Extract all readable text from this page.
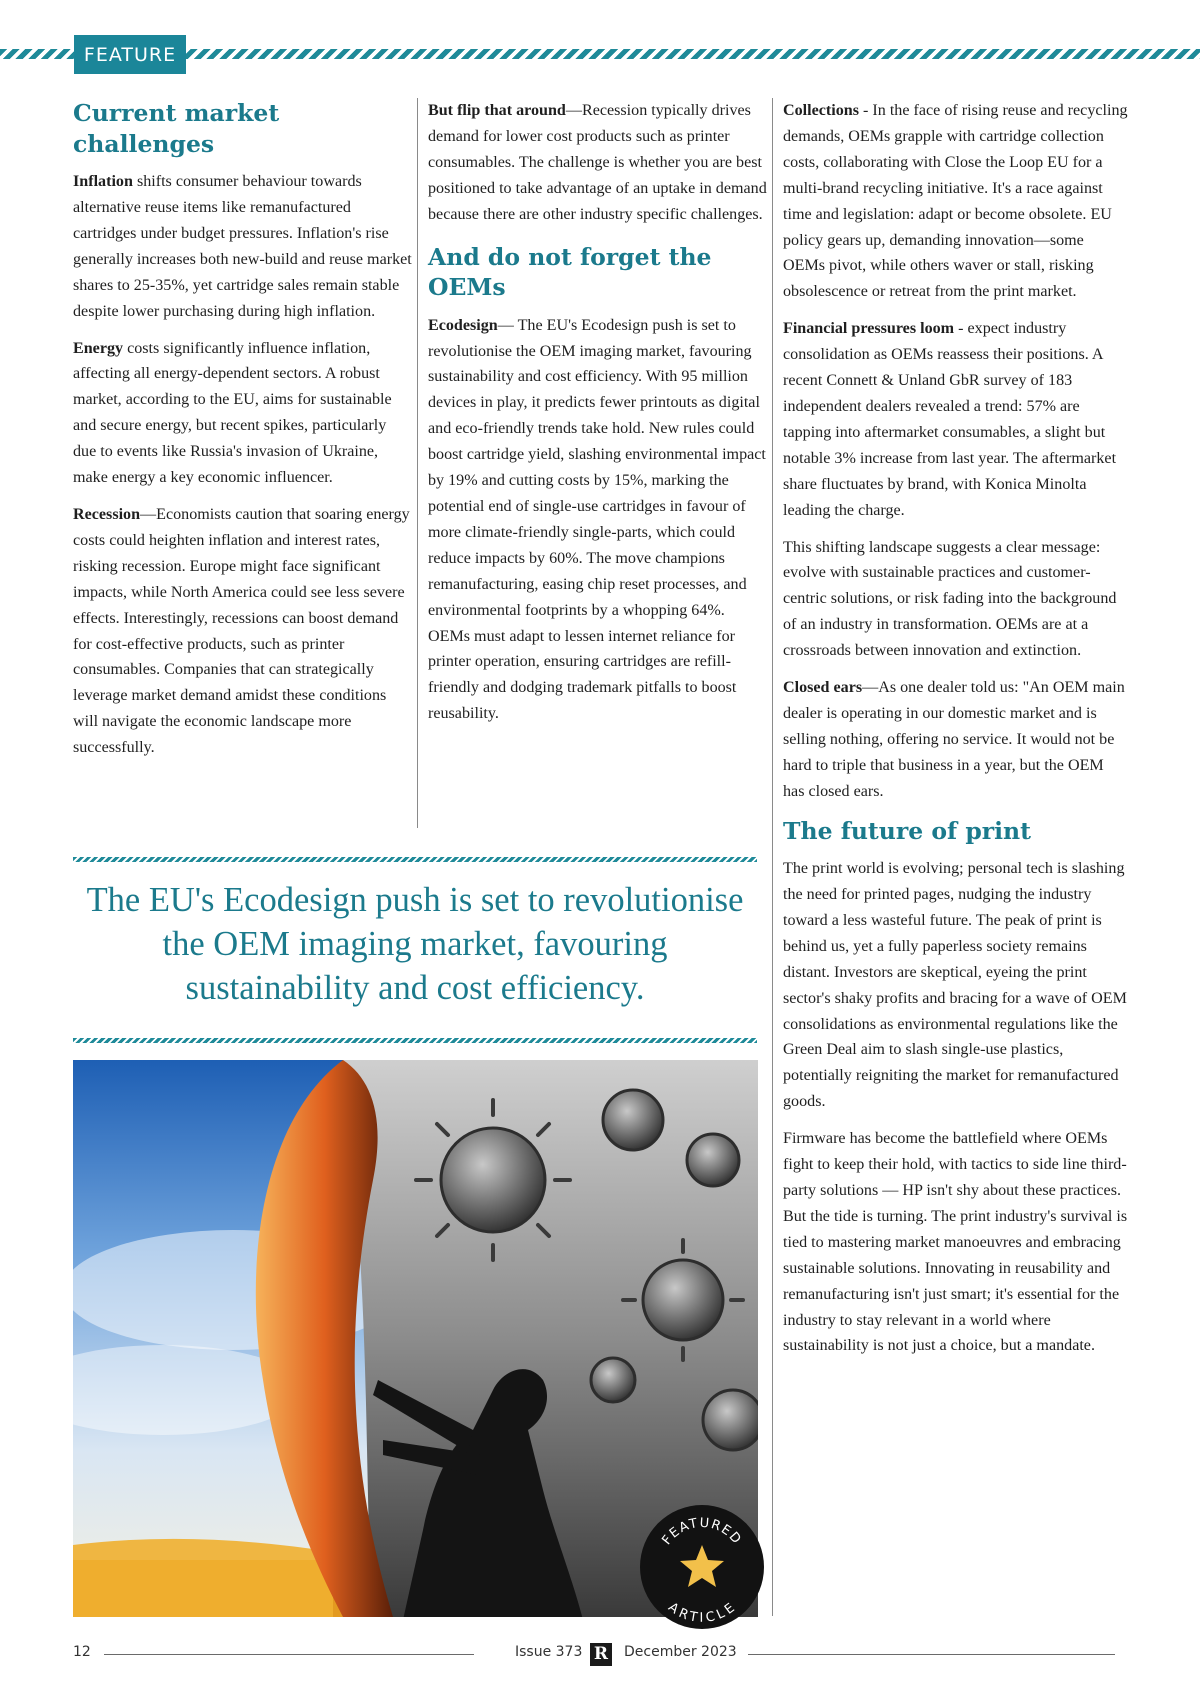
FEATURE
Current market challenges

Inflation shifts consumer behaviour towards alternative reuse items like remanufactured cartridges under budget pressures. Inflation's rise generally increases both new-build and reuse market shares to 25-35%, yet cartridge sales remain stable despite lower purchasing during high inflation.

Energy costs significantly influence inflation, affecting all energy-dependent sectors. A robust market, according to the EU, aims for sustainable and secure energy, but recent spikes, particularly due to events like Russia's invasion of Ukraine, make energy a key economic influencer.

Recession—Economists caution that soaring energy costs could heighten inflation and interest rates, risking recession. Europe might face significant impacts, while North America could see less severe effects. Interestingly, recessions can boost demand for cost-effective products, such as printer consumables. Companies that can strategically leverage market demand amidst these conditions will navigate the economic landscape more successfully.

But flip that around—Recession typically drives demand for lower cost products such as printer consumables. The challenge is whether you are best positioned to take advantage of an uptake in demand because there are other industry specific challenges.

And do not forget the OEMs

Ecodesign— The EU's Ecodesign push is set to revolutionise the OEM imaging market, favouring sustainability and cost efficiency. With 95 million devices in play, it predicts fewer printouts as digital and eco-friendly trends take hold. New rules could boost cartridge yield, slashing environmental impact by 19% and cutting costs by 15%, marking the potential end of single-use cartridges in favour of more climate-friendly single-parts, which could reduce impacts by 60%. The move champions remanufacturing, easing chip reset processes, and environmental footprints by a whopping 64%. OEMs must adapt to lessen internet reliance for printer operation, ensuring cartridges are refill-friendly and dodging trademark pitfalls to boost reusability.

Collections - In the face of rising reuse and recycling demands, OEMs grapple with cartridge collection costs, collaborating with Close the Loop EU for a multi-brand recycling initiative. It's a race against time and legislation: adapt or become obsolete. EU policy gears up, demanding innovation—some OEMs pivot, while others waver or stall, risking obsolescence or retreat from the print market.

Financial pressures loom - expect industry consolidation as OEMs reassess their positions. A recent Connett & Unland GbR survey of 183 independent dealers revealed a trend: 57% are tapping into aftermarket consumables, a slight but notable 3% increase from last year. The aftermarket share fluctuates by brand, with Konica Minolta leading the charge.

This shifting landscape suggests a clear message: evolve with sustainable practices and customer-centric solutions, or risk fading into the background of an industry in transformation. OEMs are at a crossroads between innovation and extinction.

Closed ears—As one dealer told us: "An OEM main dealer is operating in our domestic market and is selling nothing, offering no service. It would not be hard to triple that business in a year, but the OEM has closed ears.

The future of print

The print world is evolving; personal tech is slashing the need for printed pages, nudging the industry toward a less wasteful future. The peak of print is behind us, yet a fully paperless society remains distant. Investors are skeptical, eyeing the print sector's shaky profits and bracing for a wave of OEM consolidations as environmental regulations like the Green Deal aim to slash single-use plastics, potentially reigniting the market for remanufactured goods.

Firmware has become the battlefield where OEMs fight to keep their hold, with tactics to side line third-party solutions — HP isn't shy about these practices. But the tide is turning. The print industry's survival is tied to mastering market manoeuvres and embracing sustainable solutions. Innovating in reusability and remanufacturing isn't just smart; it's essential for the industry to stay relevant in a world where sustainability is not just a choice, but a mandate.

The EU's Ecodesign push is set to revolutionise the OEM imaging market, favouring sustainability and cost efficiency.
FEATURED
ARTICLE
12	Issue 373 R December 2023
